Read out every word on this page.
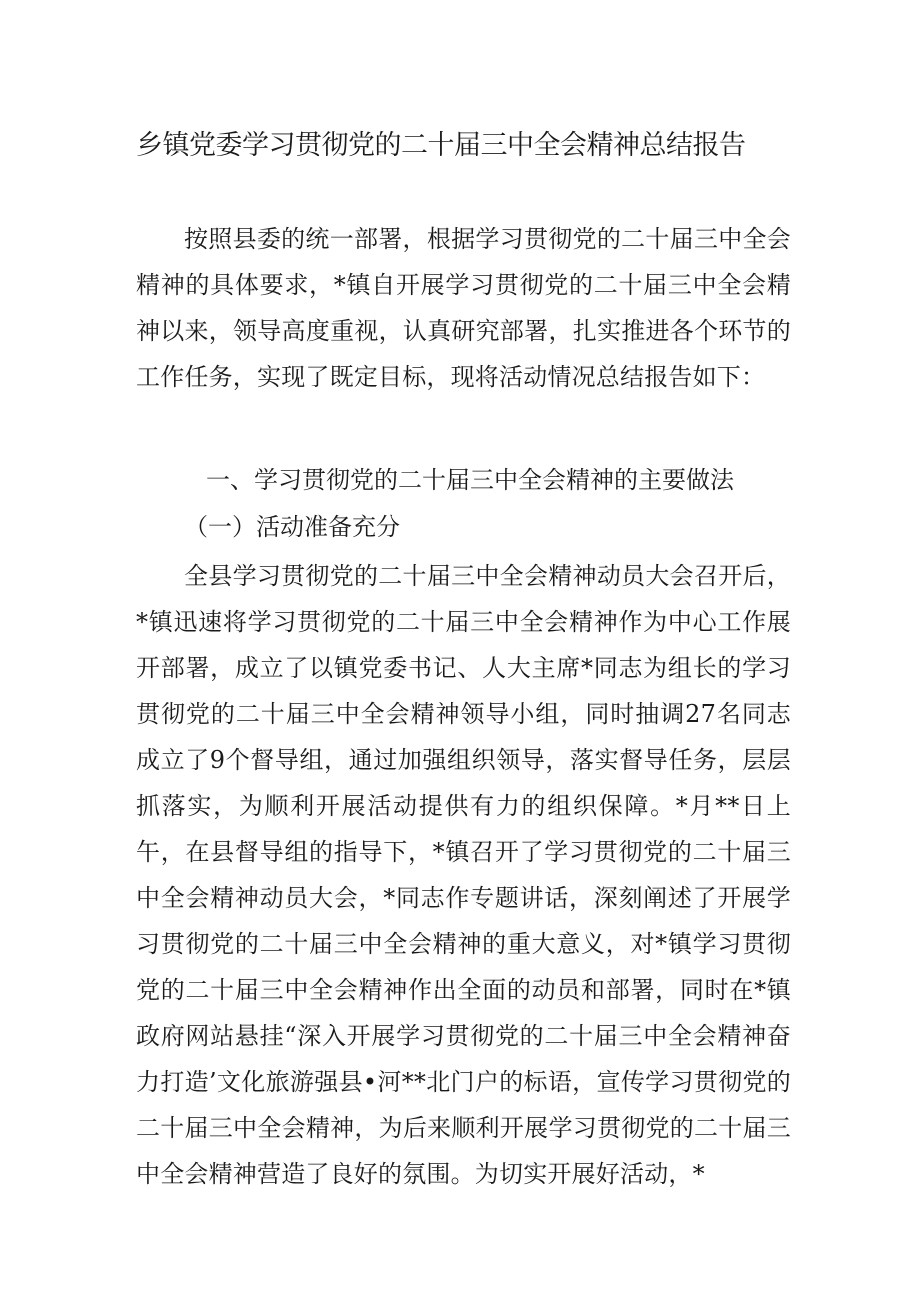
乡镇党委学习贯彻党的二十届三中全会精神总结报告

按照县委的统一部署，根据学习贯彻党的二十届三中全会精神的具体要求，*镇自开展学习贯彻党的二十届三中全会精神以来，领导高度重视，认真研究部署，扎实推进各个环节的工作任务，实现了既定目标，现将活动情况总结报告如下：

一、学习贯彻党的二十届三中全会精神的主要做法
（一）活动准备充分

全县学习贯彻党的二十届三中全会精神动员大会召开后，*镇迅速将学习贯彻党的二十届三中全会精神作为中心工作展开部署，成立了以镇党委书记、人大主席*同志为组长的学习贯彻党的二十届三中全会精神领导小组，同时抽调27名同志成立了9个督导组，通过加强组织领导，落实督导任务，层层抓落实，为顺利开展活动提供有力的组织保障。*月**日上午，在县督导组的指导下，*镇召开了学习贯彻党的二十届三中全会精神动员大会，*同志作专题讲话，深刻阐述了开展学习贯彻党的二十届三中全会精神的重大意义，对*镇学习贯彻党的二十届三中全会精神作出全面的动员和部署，同时在*镇政府网站悬挂“深入开展学习贯彻党的二十届三中全会精神奋力打造’文化旅游强县•河**北门户的标语，宣传学习贯彻党的二十届三中全会精神，为后来顺利开展学习贯彻党的二十届三中全会精神营造了良好的氛围。为切实开展好活动，*
